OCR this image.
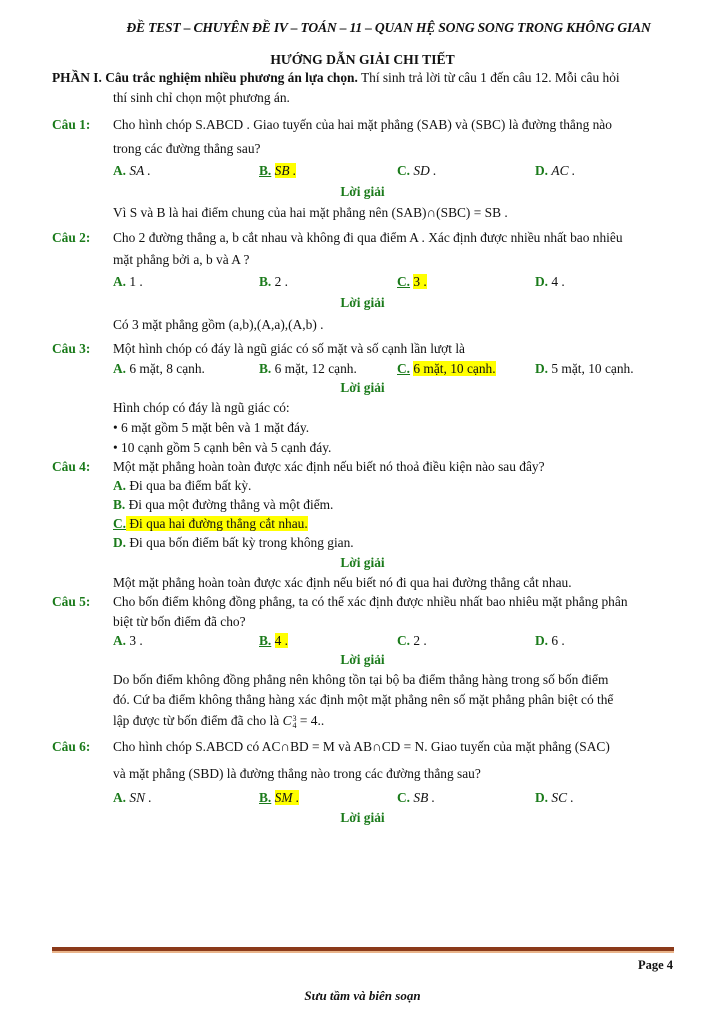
ĐỀ TEST – CHUYÊN ĐỀ IV – TOÁN – 11 – QUAN HỆ SONG SONG TRONG KHÔNG GIAN
HƯỚNG DẪN GIẢI CHI TIẾT
PHẦN I. Câu trắc nghiệm nhiều phương án lựa chọn. Thí sinh trả lời từ câu 1 đến câu 12. Mỗi câu hỏi
thí sinh chỉ chọn một phương án.
Câu 1: Cho hình chóp S.ABCD . Giao tuyến của hai mặt phẳng (SAB) và (SBC) là đường thẳng nào
trong các đường thẳng sau?
A. SA .	B. SB .	C. SD .	D. AC .
Lời giải
Vì S và B là hai điểm chung của hai mặt phẳng nên (SAB)∩(SBC) = SB .
Câu 2: Cho 2 đường thẳng a, b cắt nhau và không đi qua điểm A . Xác định được nhiều nhất bao nhiêu
mặt phẳng bởi a, b và A ?
A. 1 .	B. 2 .	C. 3 .	D. 4 .
Lời giải
Có 3 mặt phẳng gồm (a,b),(A,a),(A,b) .
Câu 3: Một hình chóp có đáy là ngũ giác có số mặt và số cạnh lần lượt là
A. 6 mặt, 8 cạnh.	B. 6 mặt, 12 cạnh.	C. 6 mặt, 10 cạnh.	D. 5 mặt, 10 cạnh.
Lời giải
Hình chóp có đáy là ngũ giác có:
• 6 mặt gồm 5 mặt bên và 1 mặt đáy.
• 10 cạnh gồm 5 cạnh bên và 5 cạnh đáy.
Câu 4: Một mặt phẳng hoàn toàn được xác định nếu biết nó thoả điều kiện nào sau đây?
A. Đi qua ba điểm bất kỳ.
B. Đi qua một đường thẳng và một điểm.
C. Đi qua hai đường thẳng cắt nhau.
D. Đi qua bốn điểm bất kỳ trong không gian.
Lời giải
Một mặt phẳng hoàn toàn được xác định nếu biết nó đi qua hai đường thẳng cắt nhau.
Câu 5: Cho bốn điểm không đồng phẳng, ta có thể xác định được nhiều nhất bao nhiêu mặt phẳng phân
biệt từ bốn điểm đã cho?
A. 3 .	B. 4 .	C. 2 .	D. 6 .
Lời giải
Do bốn điểm không đồng phẳng nên không tồn tại bộ ba điểm thẳng hàng trong số bốn điểm
đó. Cứ ba điểm không thẳng hàng xác định một mặt phẳng nên số mặt phẳng phân biệt có thể
lập được từ bốn điểm đã cho là C 3
4 = 4..
Câu 6: Cho hình chóp S.ABCD có AC∩BD = M và AB∩CD = N. Giao tuyến của mặt phẳng (SAC)
và mặt phẳng (SBD) là đường thẳng nào trong các đường thẳng sau?
A. SN .	B. SM .	C. SB .	D. SC .
Lời giải
Page 4
Sưu tầm và biên soạn
